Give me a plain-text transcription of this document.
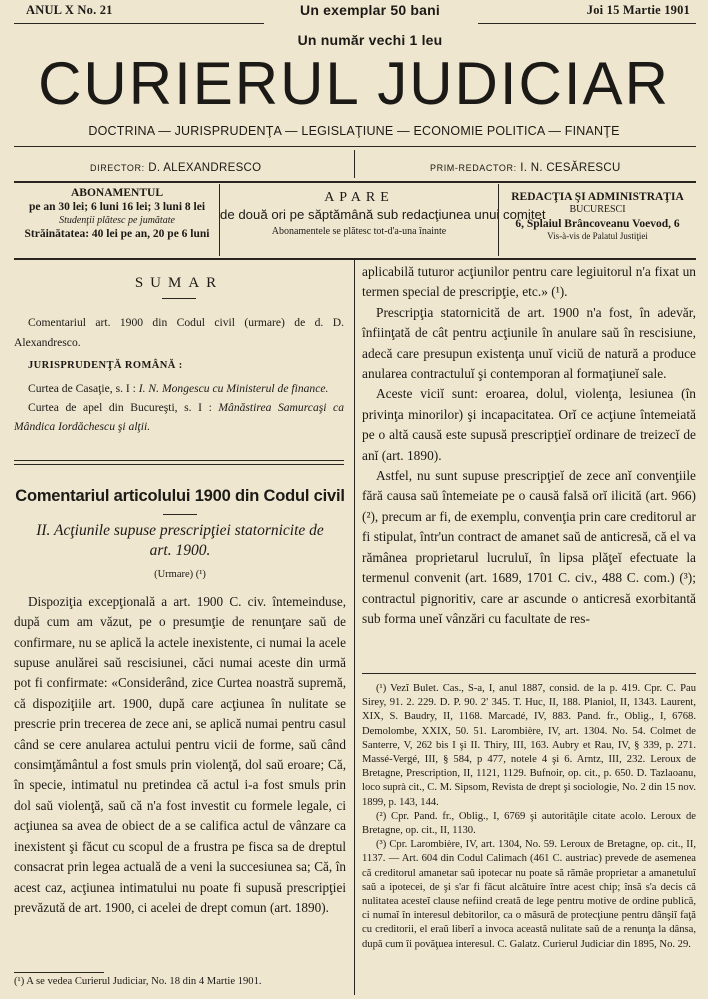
ANUL X No. 21	Un exemplar 50 bani	Joi 15 Martie 1901
Un număr vechi 1 leu
CURIERUL JUDICIAR
DOCTRINA — JURISPRUDENŢA — LEGISLAŢIUNE — ECONOMIE POLITICA — FINANŢE
DIRECTOR: D. ALEXANDRESCO	PRIM-REDACTOR: I. N. CESĂRESCU
ABONAMENTUL
pe an 30 lei; 6 luni 16 lei; 3 luni 8 lei
Studenţii plătesc pe jumătate
Străinătatea: 40 lei pe an, 20 pe 6 luni
APARE
de două ori pe săptămână sub redacţiunea unui comitet
Abonamentele se plătesc tot-d'a-una înainte
REDACŢIA ŞI ADMINISTRAŢIA
BUCURESCI
6, Splaiul Brâncoveanu Voevod, 6
Vis-à-vis de Palatul Justiţiei
SUMAR
Comentariul art. 1900 din Codul civil (urmare) de d. D. Alexandresco.
JURISPRUDENŢĂ ROMÂNĂ :
Curtea de Casaţie, s. I : I. N. Mongescu cu Ministerul de finance.
Curtea de apel din Bucureşti, s. I : Mânăstirea Samurcaşi ca Mândica Iordăchescu şi alţii.
Comentariul articolului 1900 din Codul civil
II. Acţiunile supuse prescripţiei statornicite de art. 1900.
(Urmare) (¹)

Dispoziţia excepţională a art. 1900 C. civ. întemeinduse, după cum am văzut, pe o presumţie de renunţare saŭ de confirmare, nu se aplică la actele inexistente, ci numai la acele supuse anulărei saŭ rescisiunei, căci numai aceste din urmă pot fi confirmate: «Considerând, zice Curtea noastră supremă, că dispoziţiile art. 1900, după care acţiunea în nulitate se prescrie prin trecerea de zece ani, se aplică numai pentru casul când se cere anularea actului pentru vicii de forme, saŭ când consimţământul a fost smuls prin violenţă, dol saŭ eroare; Că, în specie, intimatul nu pretindea că actul i-a fost smuls prin dol saŭ violenţă, saŭ că n'a fost investit cu formele legale, ci acţiunea sa avea de obiect de a se califica actul de vânzare ca inexistent şi făcut cu scopul de a frustra pe fisca sa de dreptul consacrat prin legea actuală de a veni la succesiunea sa; Că, în acest caz, acţiunea intimatului nu poate fi supusă prescripţiei prevăzută de art. 1900, ci acelei de drept comun (art. 1890).

(¹) A se vedea Curierul Judiciar, No. 18 din 4 Martie 1901.

aplicabilă tuturor acţiunilor pentru care legiuitorul n'a fixat un termen special de prescripţie, etc.» (¹).

Prescripţia statornicită de art. 1900 n'a fost, în adevăr, înfiinţată de cât pentru acţiunile în anulare saŭ în rescisiune, adecă care presupun existenţa unuĭ viciŭ de natură a produce anularea contractuluĭ şi contemporan al formaţiuneĭ sale.

Aceste viciĭ sunt: eroarea, dolul, violenţa, lesiunea (în privinţa minorilor) şi incapacitatea. Orĭ ce acţiune întemeiată pe o altă causă este supusă prescripţieĭ ordinare de treizecĭ de anĭ (art. 1890).

Astfel, nu sunt supuse prescripţieĭ de zece anĭ convenţiile fără causa saŭ întemeiate pe o causă falsă orĭ ilicită (art. 966) (²), precum ar fi, de exemplu, convenţia prin care creditorul ar fi stipulat, într'un contract de amanet saŭ de anticresă, că el va rămânea proprietarul lucruluĭ, în lipsa plăţeĭ efectuate la termenul convenit (art. 1689, 1701 C. civ., 488 C. com.) (³); contractul pignoritiv, care ar ascunde o anticresă exorbitantă sub forma uneĭ vânzări cu facultate de res-

(¹) Vezĭ Bulet. Cas., S-a, I, anul 1887, consid. de la p. 419. Cpr. C. Pau Sirey, 91. 2. 229. D. P. 90. 2' 345. T. Huc, II, 188. Planiol, II, 1343. Laurent, XIX, S. Baudry, II, 1168. Marcadé, IV, 883. Pand. fr., Oblig., I, 6768. Demolombe, XXIX, 50. 51. Larombière, IV, art. 1304. No. 54. Colmet de Santerre, V, 262 bis I şi II. Thiry, III, 163. Aubry et Rau, IV, § 339, p. 271. Massé-Vergé, III, § 584, p 477, notele 4 şi 6. Arntz, III, 232. Leroux de Bretagne, Prescription, II, 1121, 1129. Bufnoir, op. cit., p. 650. D. Tazlaoanu, loco suprà cit., C. M. Sipsom, Revista de drept şi sociologie, No. 2 din 15 nov. 1899, p. 143, 144.

(²) Cpr. Pand. fr., Oblig., I, 6769 şi autorităţile citate acolo. Leroux de Bretagne, op. cit., II, 1130.

(³) Cpr. Larombière, IV, art. 1304, No. 59. Leroux de Bretagne, op. cit., II, 1137. — Art. 604 din Codul Calimach (461 C. austriac) prevede de asemenea că creditorul amanetar saŭ ipotecar nu poate să rămâe proprietar a amanetuluĭ saŭ a ipotecei, de şi s'ar fi făcut alcătuire între acest chip; însă s'a decis că nulitatea acesteĭ clause nefiind creată de lege pentru motive de ordine publică, ci numaĭ în interesul debitorilor, ca o măsură de protecţiune pentru dânşiĭ faţă cu creditorii, el eraŭ liberĭ a invoca această nulitate saŭ de a renunţa la dânsa, după cum îi povăţuea interesul. C. Galatz. Curierul Judiciar din 1895, No. 29.
